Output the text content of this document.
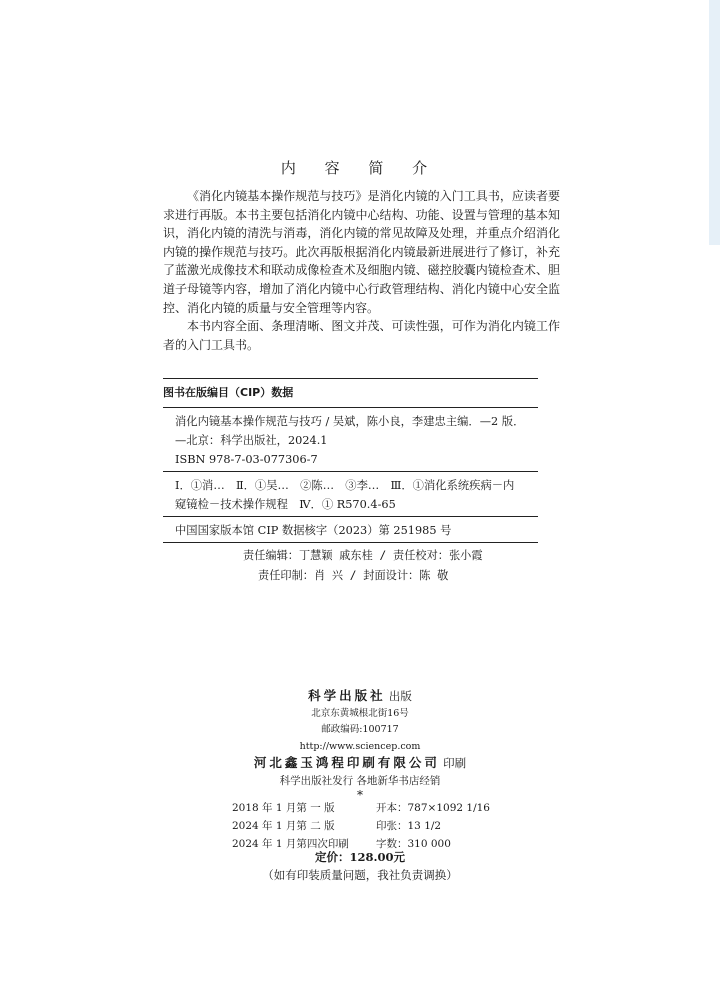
内 容 简 介

《消化内镜基本操作规范与技巧》是消化内镜的入门工具书，应读者要求进行再版。本书主要包括消化内镜中心结构、功能、设置与管理的基本知识，消化内镜的清洗与消毒，消化内镜的常见故障及处理，并重点介绍消化内镜的操作规范与技巧。此次再版根据消化内镜最新进展进行了修订，补充了蓝激光成像技术和联动成像检查术及细胞内镜、磁控胶囊内镜检查术、胆道子母镜等内容，增加了消化内镜中心行政管理结构、消化内镜中心安全监控、消化内镜的质量与安全管理等内容。

本书内容全面、条理清晰、图文并茂、可读性强，可作为消化内镜工作者的入门工具书。

图书在版编目（CIP）数据
消化内镜基本操作规范与技巧 / 吴斌，陈小良，李建忠主编．—2 版．
—北京：科学出版社，2024.1
ISBN 978-7-03-077306-7
Ⅰ．①消…　Ⅱ．①吴…　②陈…　③李…　Ⅲ．①消化系统疾病－内
窥镜检－技术操作规程　Ⅳ．① R570.4-65
中国国家版本馆 CIP 数据核字（2023）第 251985 号
责任编辑：丁慧颖 戚东桂 / 责任校对：张小霞
责任印制：肖 兴 / 封面设计：陈 敬
科学出版社 出版
北京东黄城根北街16号
邮政编码:100717
http://www.sciencep.com
河北鑫玉鸿程印刷有限公司 印刷
科学出版社发行 各地新华书店经销
*
2018 年 1 月第 一 版	开本：787×1092 1/16
2024 年 1 月第 二 版	印张：13 1/2
2024 年 1 月第四次印刷	字数：310 000
定价：128.00元
（如有印装质量问题，我社负责调换）
